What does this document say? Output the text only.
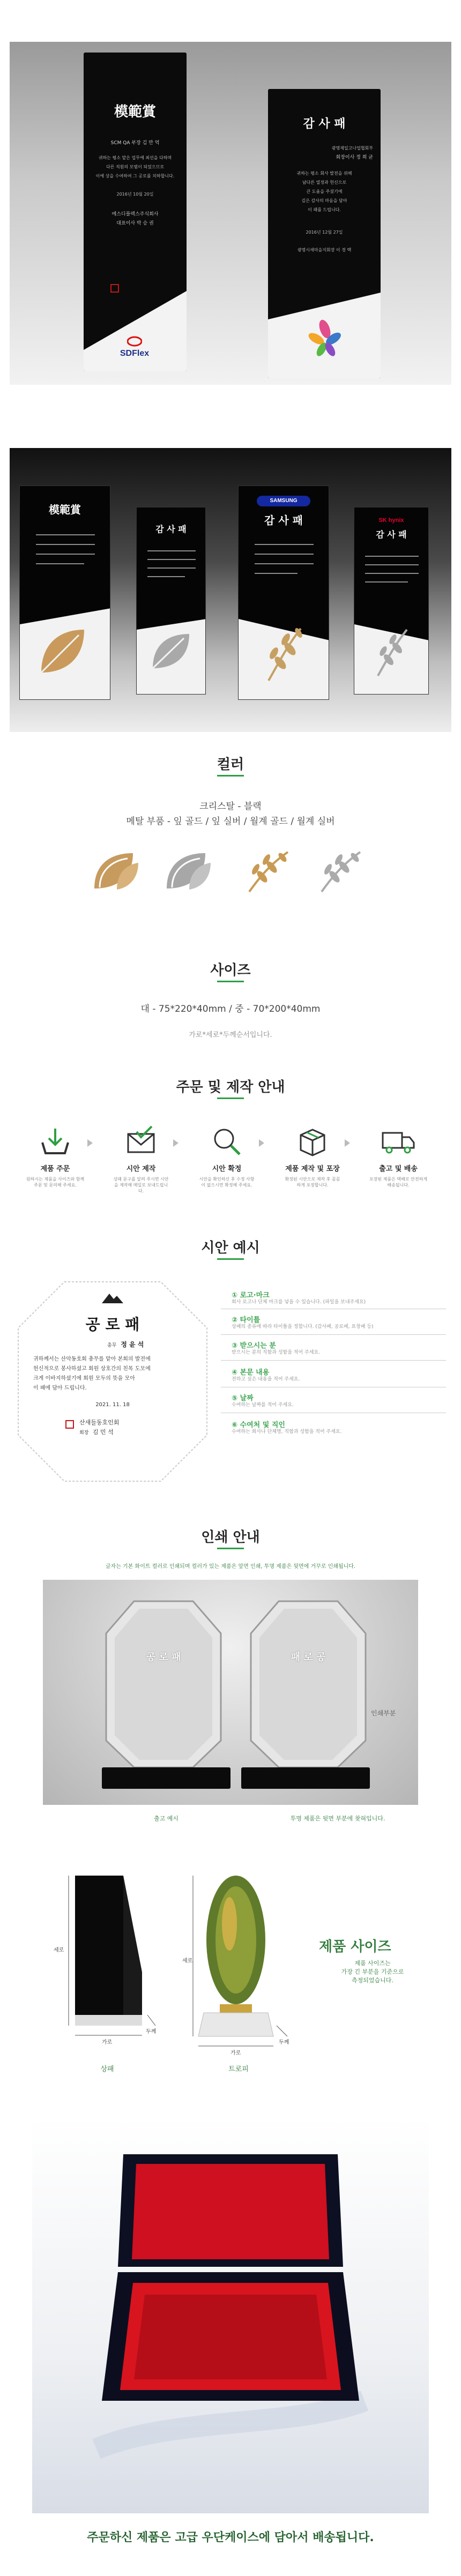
模範賞
SCM QA 부장 김 만 억
귀하는 평소 맡은 업무에 최선을 다하며
다른 직원의 모범이 되었으므로
이에 상을 수여하여 그 공로를 치하합니다.
2016년 10월 20일
에스디플렉스주식회사
대표이사 박 승 권
SDFlex
감 사 패
광명제일고나업협회부
회장이사 정 희 균
귀하는 평소 회사 발전을 위해
남다른 열정과 헌신으로
큰 도움을 주셨기에
깊은 감사의 마음을 담아
이 패를 드립니다.
2016년 12월 27일
광명시새마을지회장 이 경 택
模範賞
감 사 패
SAMSUNG
감 사 패	SK hynix
감 사 패
컬러
크리스탈 - 블랙
메탈 부품 - 잎 골드 / 잎 실버 / 월계 골드 / 월계 실버
사이즈
대 - 75*220*40mm / 중 - 70*200*40mm
가로*세로*두께순서입니다.
주문 및 제작 안내
제품 주문
원하시는 제품을 사이즈와 함께 주문 및 문의해 주세요.
시안 제작
상패 문구를 알려 주시면 시안을 제작해 메일로 보내드립니다.
시안 확정
시안을 확인하신 후 수정 사항이 없으시면 확정해 주세요.
제품 제작 및 포장
확정된 시안으로 제작 후 꼼꼼하게 포장합니다.
출고 및 배송
포장된 제품은 택배로 안전하게 배송됩니다.
시안 예시
공 로 패
총무 정 윤 석
귀하께서는 산악동호회 총무를 맡아 본회의 발전에
헌신적으로 봉사하셨고 회원 상호간의 친목 도모에
크게 이바지하셨기에 회원 모두의 뜻을 모아
이 패에 담아 드립니다.
2021. 11. 18
산새들동호인회
회장 김 민 석
① 로고·마크
회사 로고나 단체 마크를 넣을 수 있습니다. (파일을 보내주세요)
② 타이틀
상패의 종류에 따라 타이틀을 정합니다. (감사패, 공로패, 표창패 등)
③ 받으시는 분
받으시는 분의 직함과 성함을 적어 주세요.
④ 본문 내용
전하고 싶은 내용을 적어 주세요.
⑤ 날짜
수여하는 날짜를 적어 주세요.
⑥ 수여처 및 직인
수여하는 회사나 단체명, 직함과 성함을 적어 주세요.
인쇄 안내
글자는 기본 화이트 컬러로 인쇄되며 컬러가 있는 제품은 앞면 인쇄, 투명 제품은 뒷면에 거꾸로 인쇄됩니다.
공 로 패	패 로 공
인쇄부분
출고 예시	투명 제품은 뒷면 부분에 찾혀입니다.
세로
가로
두께
상패
세로
가로
두께
트로피
제품 사이즈
제품 사이즈는
가장 긴 부분을 기준으로
측정되었습니다.
주문하신 제품은 고급 우단케이스에 담아서 배송됩니다.
